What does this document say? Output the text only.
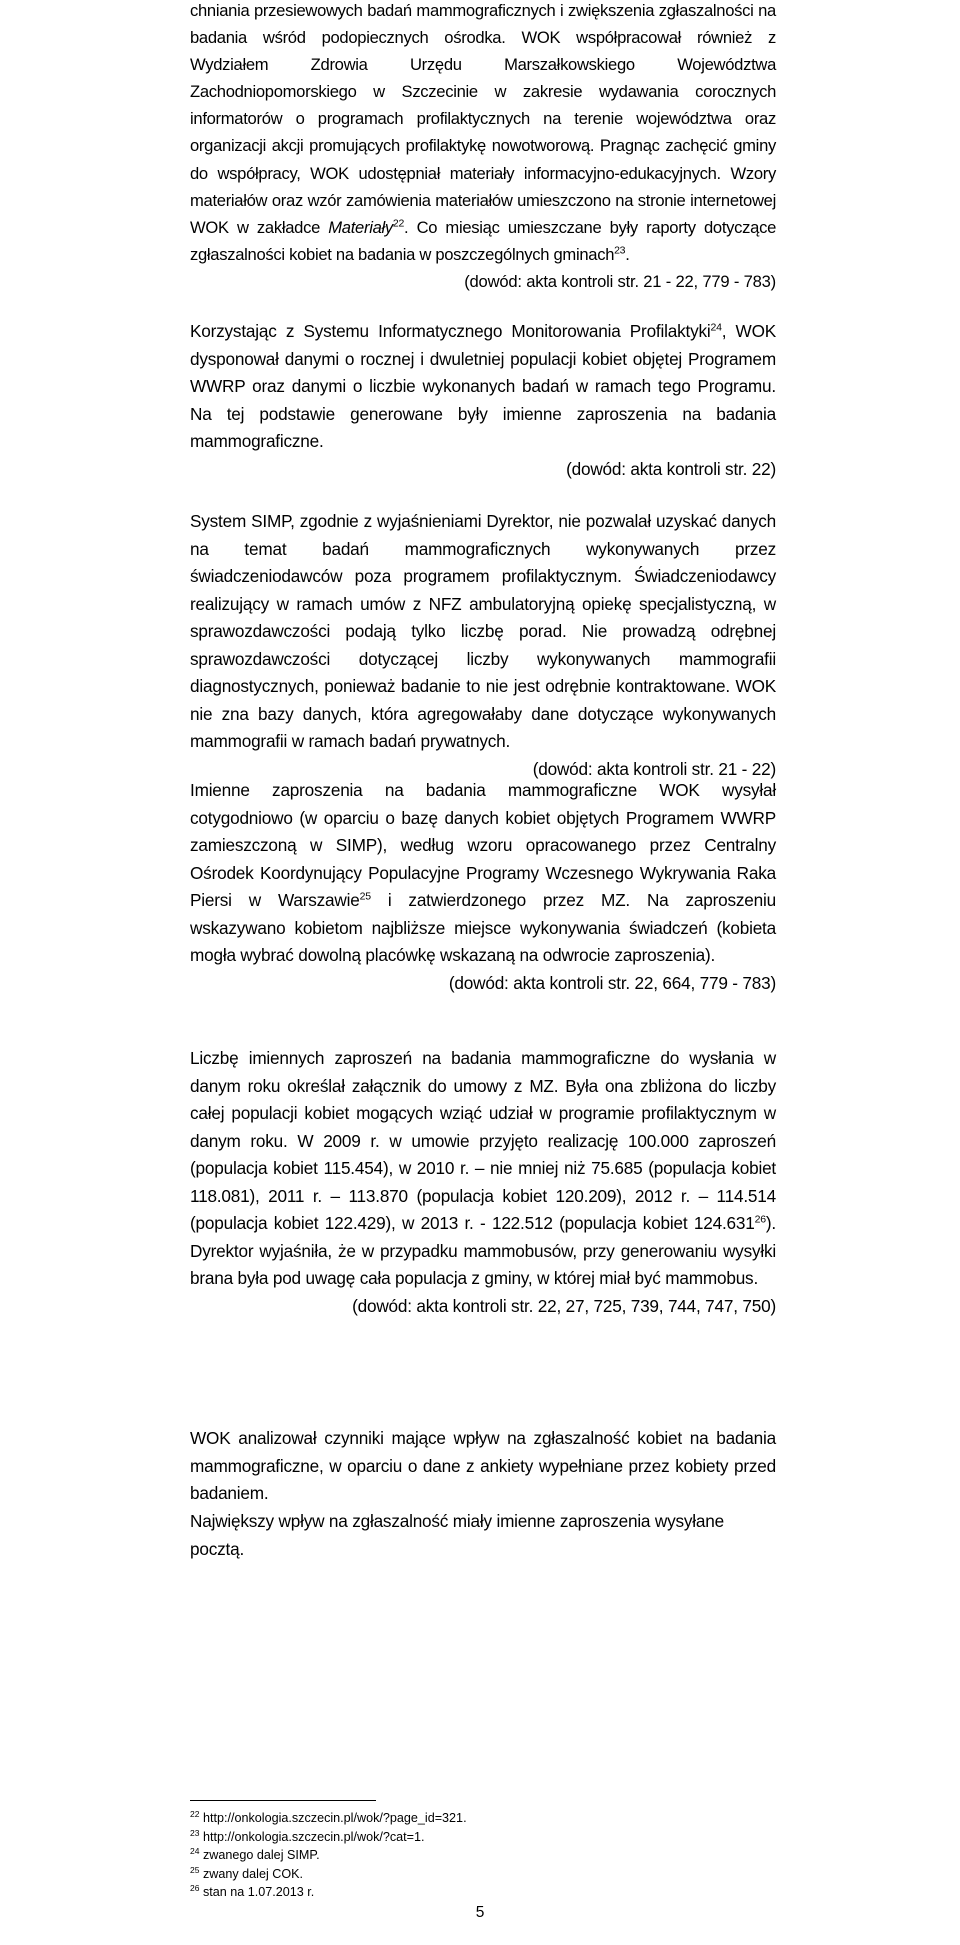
chniania przesiewowych badań mammograficznych i zwiększenia zgłaszalności na badania wśród podopiecznych ośrodka. WOK współpracował również z Wydziałem Zdrowia Urzędu Marszałkowskiego Województwa Zachodniopomorskiego w Szczecinie w zakresie wydawania corocznych informatorów o programach profilaktycznych na terenie województwa oraz organizacji akcji promujących profilaktykę nowotworową. Pragnąc zachęcić gminy do współpracy, WOK udostępniał materiały informacyjno-edukacyjnych. Wzory materiałów oraz wzór zamówienia materiałów umieszczono na stronie internetowej WOK w zakładce Materiały$^{22}$. Co miesiąc umieszczane były raporty dotyczące zgłaszalności kobiet na badania w poszczególnych gminach$^{23}$.

(dowód: akta kontroli str. 21 - 22, 779 - 783)

Korzystając z Systemu Informatycznego Monitorowania Profilaktyki$^{24}$, WOK dysponował danymi o rocznej i dwuletniej populacji kobiet objętej Programem WWRP oraz danymi o liczbie wykonanych badań w ramach tego Programu. Na tej podstawie generowane były imienne zaproszenia na badania mammograficzne.

(dowód: akta kontroli str. 22)

System SIMP, zgodnie z wyjaśnieniami Dyrektor, nie pozwalał uzyskać danych na temat badań mammograficznych wykonywanych przez świadczeniodawców poza programem profilaktycznym. Świadczeniodawcy realizujący w ramach umów z NFZ ambulatoryjną opiekę specjalistyczną, w sprawozdawczości podają tylko liczbę porad. Nie prowadzą odrębnej sprawozdawczości dotyczącej liczby wykonywanych mammografii diagnostycznych, ponieważ badanie to nie jest odrębnie kontraktowane. WOK nie zna bazy danych, która agregowałaby dane dotyczące wykonywanych mammografii w ramach badań prywatnych.

(dowód: akta kontroli str. 21 - 22)

Imienne zaproszenia na badania mammograficzne WOK wysyłał cotygodniowo (w oparciu o bazę danych kobiet objętych Programem WWRP zamieszczoną w SIMP), według wzoru opracowanego przez Centralny Ośrodek Koordynujący Populacyjne Programy Wczesnego Wykrywania Raka Piersi w Warszawie$^{25}$ i zatwierdzonego przez MZ. Na zaproszeniu wskazywano kobietom najbliższe miejsce wykonywania świadczeń (kobieta mogła wybrać dowolną placówkę wskazaną na odwrocie zaproszenia).

(dowód: akta kontroli str. 22, 664, 779 - 783)

Liczbę imiennych zaproszeń na badania mammograficzne do wysłania w danym roku określał załącznik do umowy z MZ. Była ona zbliżona do liczby całej populacji kobiet mogących wziąć udział w programie profilaktycznym w danym roku. W 2009 r. w umowie przyjęto realizację 100.000 zaproszeń (populacja kobiet 115.454), w 2010 r. – nie mniej niż 75.685 (populacja kobiet 118.081), 2011 r. – 113.870 (populacja kobiet 120.209), 2012 r. – 114.514 (populacja kobiet 122.429), w 2013 r. - 122.512 (populacja kobiet 124.631$^{26}$). Dyrektor wyjaśniła, że w przypadku mammobusów, przy generowaniu wysyłki brana była pod uwagę cała populacja z gminy, w której miał być mammobus.

(dowód: akta kontroli str. 22, 27, 725, 739, 744, 747, 750)

WOK analizował czynniki mające wpływ na zgłaszalność kobiet na badania mammograficzne, w oparciu o dane z ankiety wypełniane przez kobiety przed badaniem.

Największy wpływ na zgłaszalność miały imienne zaproszenia wysyłane pocztą.

$^{22}$ http://onkologia.szczecin.pl/wok/?page_id=321.

$^{23}$ http://onkologia.szczecin.pl/wok/?cat=1.

$^{24}$ zwanego dalej SIMP.

$^{25}$ zwany dalej COK.

$^{26}$ stan na 1.07.2013 r.

5
